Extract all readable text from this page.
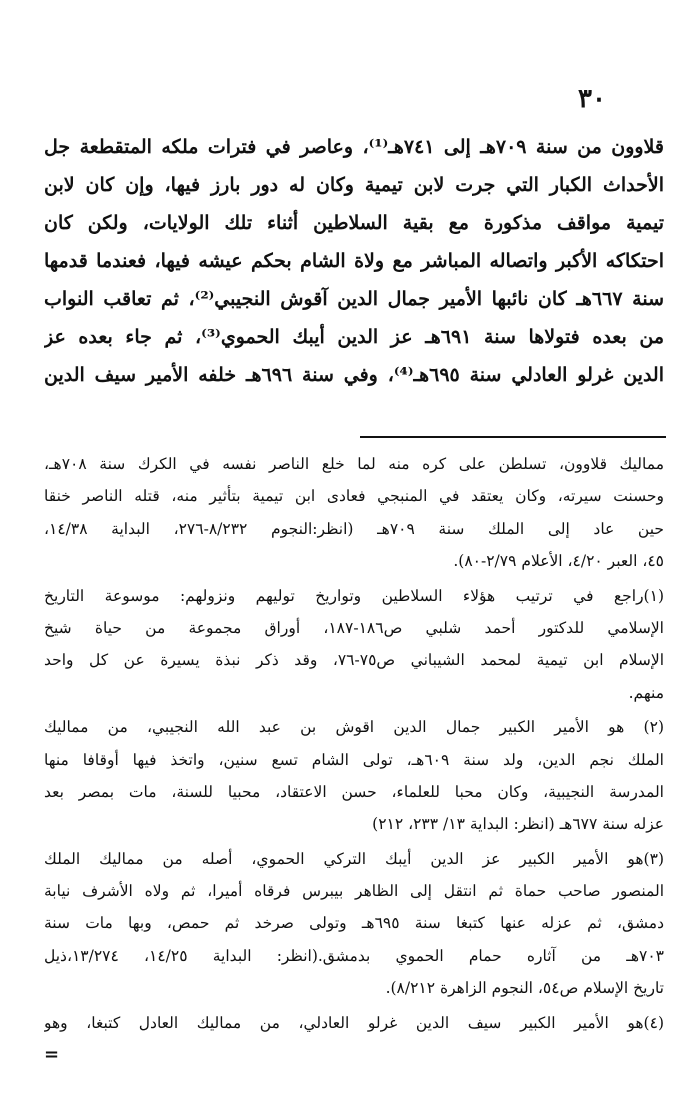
٣٠
قلاوون من سنة ٧٠٩هـ إلى ٧٤١هـ⁽¹⁾، وعاصر في فترات ملكه المتقطعة جل
الأحداث الكبار التي جرت لابن تيمية وكان له دور بارز فيها، وإن كان لابن
تيمية مواقف مذكورة مع بقية السلاطين أثناء تلك الولايات، ولكن كان
احتكاكه الأكبر واتصاله المباشر مع ولاة الشام بحكم عيشه فيها، فعندما قدمها
سنة ٦٦٧هـ كان نائبها الأمير جمال الدين آقوش النجيبي⁽²⁾، ثم تعاقب النواب
من بعده فتولاها سنة ٦٩١هـ عز الدين أيبك الحموي⁽³⁾، ثم جاء بعده عز
الدين غرلو العادلي سنة ٦٩٥هـ⁽⁴⁾، وفي سنة ٦٩٦هـ خلفه الأمير سيف الدين
مماليك قلاوون، تسلطن على كره منه لما خلع الناصر نفسه في الكرك سنة ٧٠٨هـ،
وحسنت سيرته، وكان يعتقد في المنبجي فعادى ابن تيمية بتأثير منه، قتله الناصر خنقا
حين عاد إلى الملك سنة ٧٠٩هـ (انظر:النجوم ٨/٢٣٢-٢٧٦، البداية ١٤/٣٨،
٤٥، العبر ٤/٢٠، الأعلام ٢/٧٩-٨٠).
(١)راجع في ترتيب هؤلاء السلاطين وتواريخ توليهم ونزولهم: موسوعة التاريخ
الإسلامي للدكتور أحمد شلبي ص١٨٦-١٨٧، أوراق مجموعة من حياة شيخ
الإسلام ابن تيمية لمحمد الشيباني ص٧٥-٧٦، وقد ذكر نبذة يسيرة عن كل واحد
منهم.
(٢) هو الأمير الكبير جمال الدين اقوش بن عبد الله النجيبي، من مماليك
الملك نجم الدين، ولد سنة ٦٠٩هـ، تولى الشام تسع سنين، واتخذ فيها أوقافا منها
المدرسة النجيبية، وكان محبا للعلماء، حسن الاعتقاد، محبيا للسنة، مات بمصر بعد
عزله سنة ٦٧٧هـ (انظر: البداية ١٣/ ٢٣٣، ٢١٢)
(٣)هو الأمير الكبير عز الدين أيبك التركي الحموي، أصله من مماليك الملك
المنصور صاحب حماة ثم انتقل إلى الظاهر بيبرس فرقاه أميرا، ثم ولاه الأشرف نيابة
دمشق، ثم عزله عنها كتبغا سنة ٦٩٥هـ وتولى صرخد ثم حمص، وبها مات سنة
٧٠٣هـ من آثاره حمام الحموي بدمشق.(انظر: البداية ١٤/٢٥، ١٣/٢٧٤،ذيل
تاريخ الإسلام ص٥٤، النجوم الزاهرة ٨/٢١٢).
(٤)هو الأمير الكبير سيف الدين غرلو العادلي، من مماليك العادل كتبغا، وهو
=
